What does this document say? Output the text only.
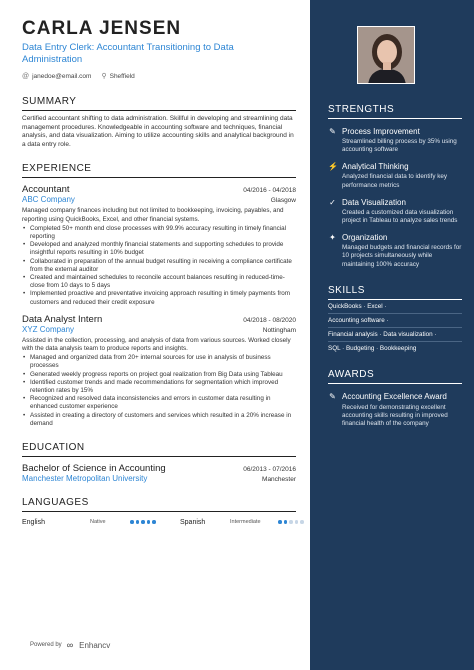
CARLA JENSEN
Data Entry Clerk: Accountant Transitioning to Data Administration
@ janedoe@email.com ⚲ Sheffield
SUMMARY
Certified accountant shifting to data administration. Skillful in developing and streamlining data management procedures. Knowledgeable in accounting software and techniques, financial analysis, and data visualization. Aiming to utilize accounting skills and analytical background in a data entry role.
EXPERIENCE
Accountant	04/2016 - 04/2018
ABC Company	Glasgow
Managed company finances including but not limited to bookkeeping, invoicing, payables, and reporting using QuickBooks, Excel, and other financial systems.
• Completed 50+ month end close processes with 99.9% accuracy resulting in timely financial reporting
• Developed and analyzed monthly financial statements and supporting schedules to provide insightful reports resulting in 10% budget
• Collaborated in preparation of the annual budget resulting in receiving a compliance certificate from the external auditor
• Created and maintained schedules to reconcile account balances resulting in reduced-time-close from 10 days to 5 days
• Implemented proactive and preventative invoicing approach resulting in timely payments from customers and reduced their credit exposure
Data Analyst Intern	04/2018 - 08/2020
XYZ Company	Nottingham
Assisted in the collection, processing, and analysis of data from various sources. Worked closely with the data analysis team to produce reports and insights.
• Managed and organized data from 20+ internal sources for use in analysis of business processes
• Generated weekly progress reports on project goal realization from Big Data using Tableau
• Identified customer trends and made recommendations for segmentation which improved retention rates by 15%
• Recognized and resolved data inconsistencies and errors in customer data resulting in enhanced customer experience
• Assisted in creating a directory of customers and services which resulted in a 20% increase in demand
EDUCATION
Bachelor of Science in Accounting	06/2013 - 07/2016
Manchester Metropolitan University	Manchester
LANGUAGES
English	Native	Spanish	Intermediate
Powered by ∞ Enhancv
STRENGTHS
✎ Process Improvement
Streamlined billing process by 35% using accounting software
⚡ Analytical Thinking
Analyzed financial data to identify key performance metrics
✓ Data Visualization
Created a customized data visualization project in Tableau to analyze sales trends
✦ Organization
Managed budgets and financial records for 10 projects simultaneously while maintaining 100% accuracy
SKILLS
QuickBooks · Excel ·
Accounting software ·
Financial analysis · Data visualization ·
SQL · Budgeting · Bookkeeping
AWARDS
✎ Accounting Excellence Award
Received for demonstrating excellent accounting skills resulting in improved financial health of the company
